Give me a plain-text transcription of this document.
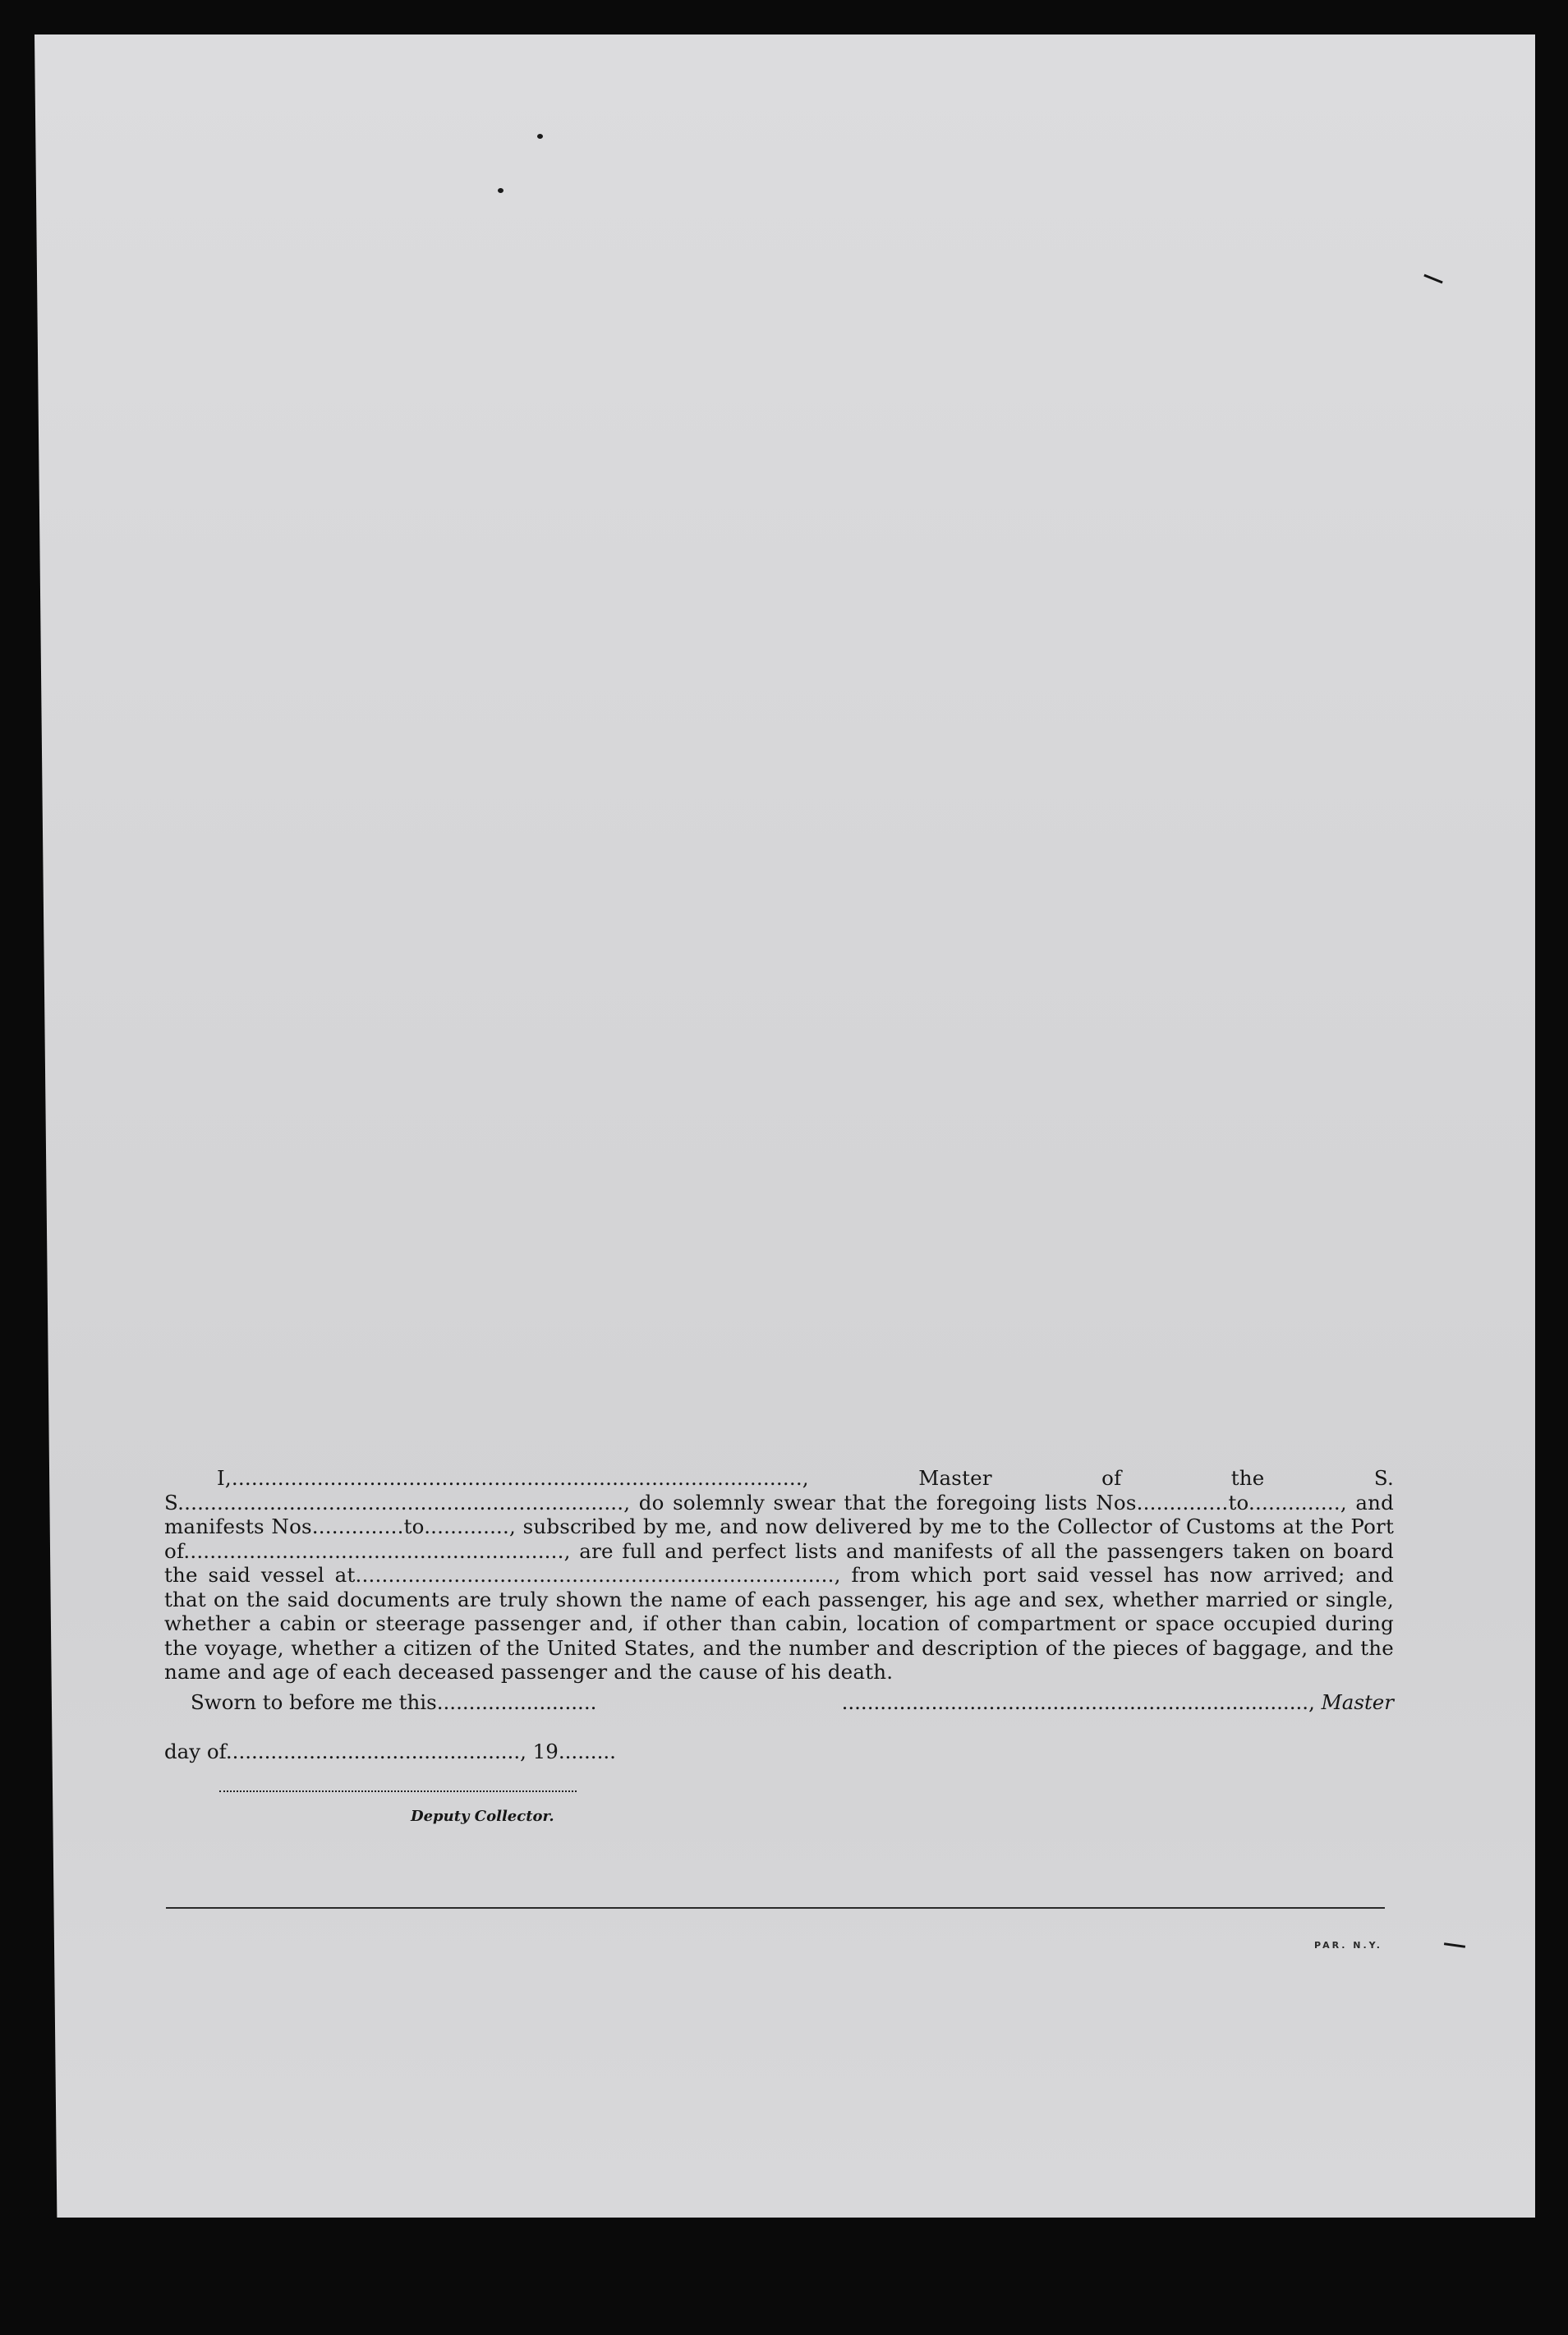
I,......................................................................................., Master of the S. S...................................................................., do solemnly swear that the foregoing lists Nos..............to.............., and manifests Nos..............to............., subscribed by me, and now delivered by me to the Collector of Customs at the Port of.........................................................., are full and perfect lists and manifests of all the passengers taken on board the said vessel at........................................................................., from which port said vessel has now arrived; and that on the said documents are truly shown the name of each passenger, his age and sex, whether married or single, whether a cabin or steerage passenger and, if other than cabin, location of compartment or space occupied during the voyage, whether a citizen of the United States, and the number and description of the pieces of baggage, and the name and age of each deceased passenger and the cause of his death.

Sworn to before me this.........................
day of.............................................., 19.........
........................................................................., Master
Deputy Collector.
PAR. N.Y.
